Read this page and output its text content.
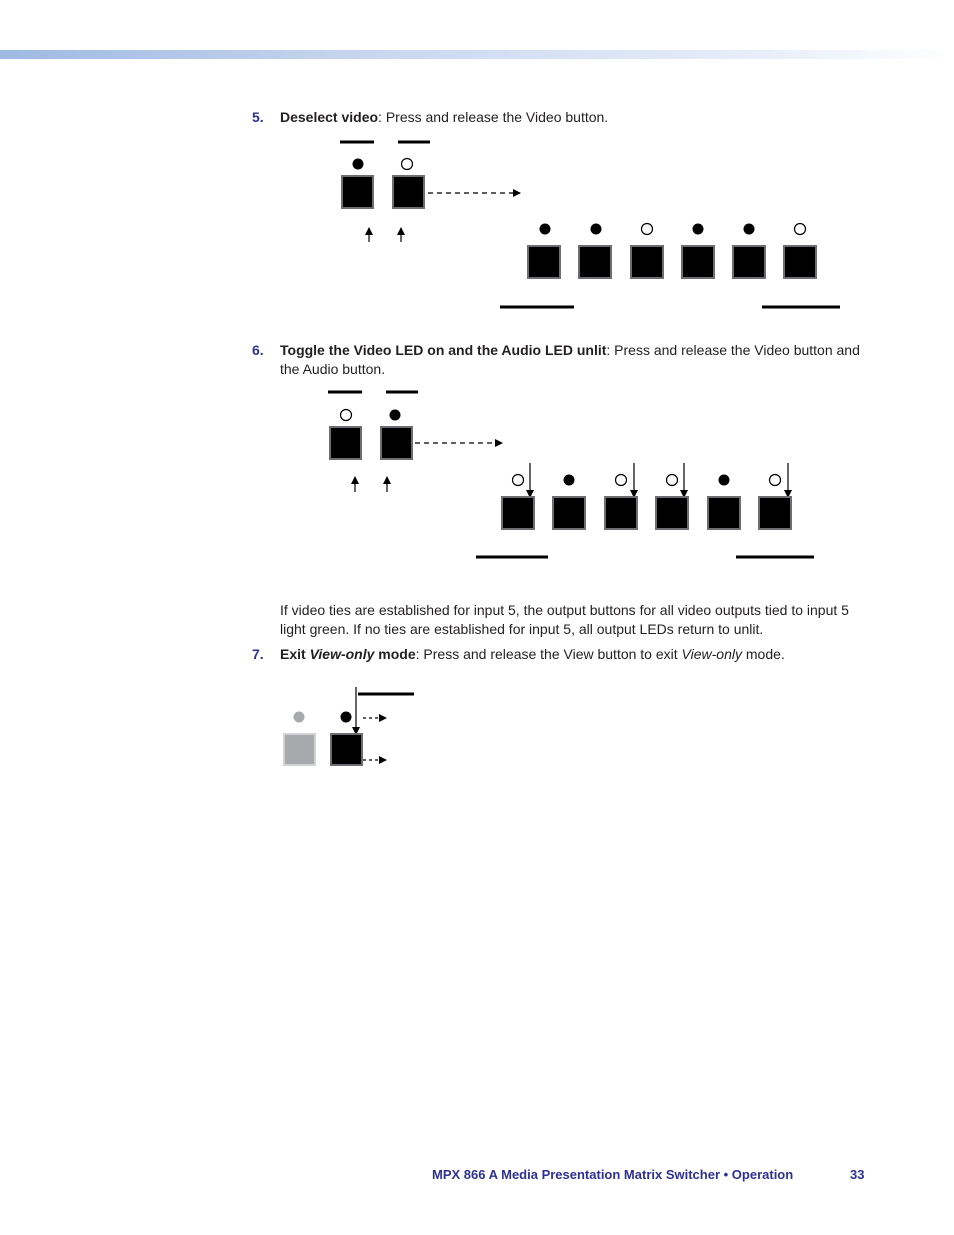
5. Deselect video: Press and release the Video button.
6. Toggle the Video LED on and the Audio LED unlit: Press and release the Video button and the Audio button.
If video ties are established for input 5, the output buttons for all video outputs tied to input 5 light green. If no ties are established for input 5, all output LEDs return to unlit.
7. Exit View-only mode: Press and release the View button to exit View-only mode.
MPX 866 A Media Presentation Matrix Switcher • Operation	33
